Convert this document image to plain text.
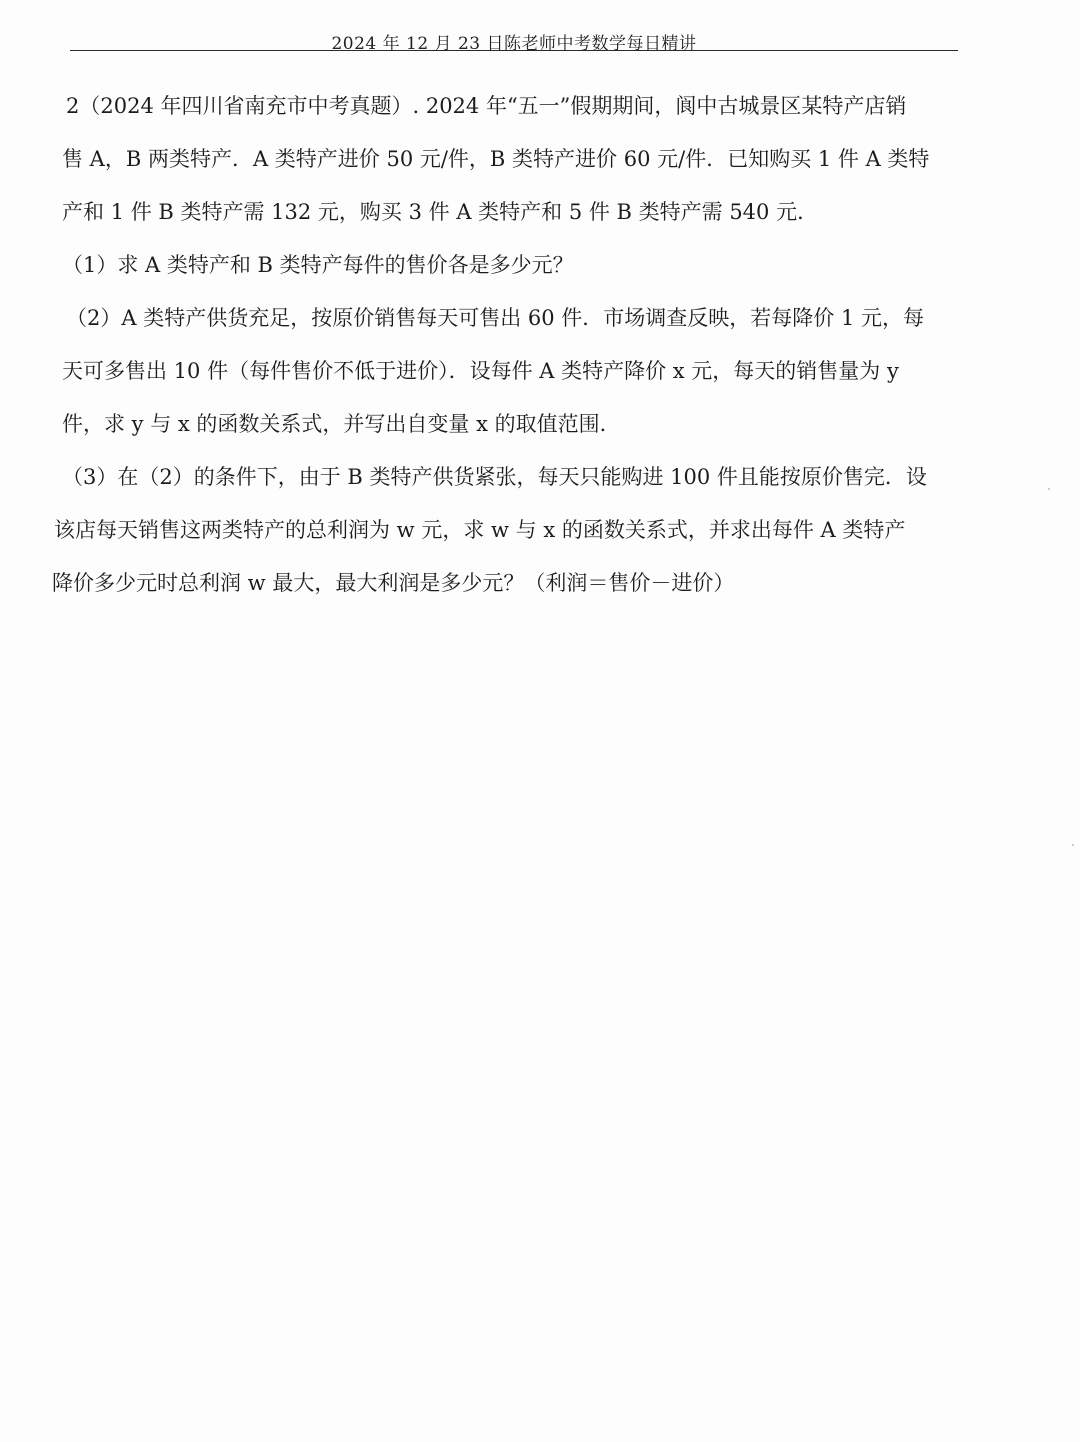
2024 年 12 月 23 日陈老师中考数学每日精讲
2（2024 年四川省南充市中考真题）. 2024 年“五一”假期期间，阆中古城景区某特产店销
售 A，B 两类特产．A 类特产进价 50 元/件，B 类特产进价 60 元/件．已知购买 1 件 A 类特
产和 1 件 B 类特产需 132 元，购买 3 件 A 类特产和 5 件 B 类特产需 540 元．
（1）求 A 类特产和 B 类特产每件的售价各是多少元？
（2）A 类特产供货充足，按原价销售每天可售出 60 件．市场调查反映，若每降价 1 元，每
天可多售出 10 件（每件售价不低于进价）．设每件 A 类特产降价 x 元，每天的销售量为 y
件，求 y 与 x 的函数关系式，并写出自变量 x 的取值范围．
（3）在（2）的条件下，由于 B 类特产供货紧张，每天只能购进 100 件且能按原价售完．设
该店每天销售这两类特产的总利润为 w 元，求 w 与 x 的函数关系式，并求出每件 A 类特产
降价多少元时总利润 w 最大，最大利润是多少元？（利润＝售价－进价）
